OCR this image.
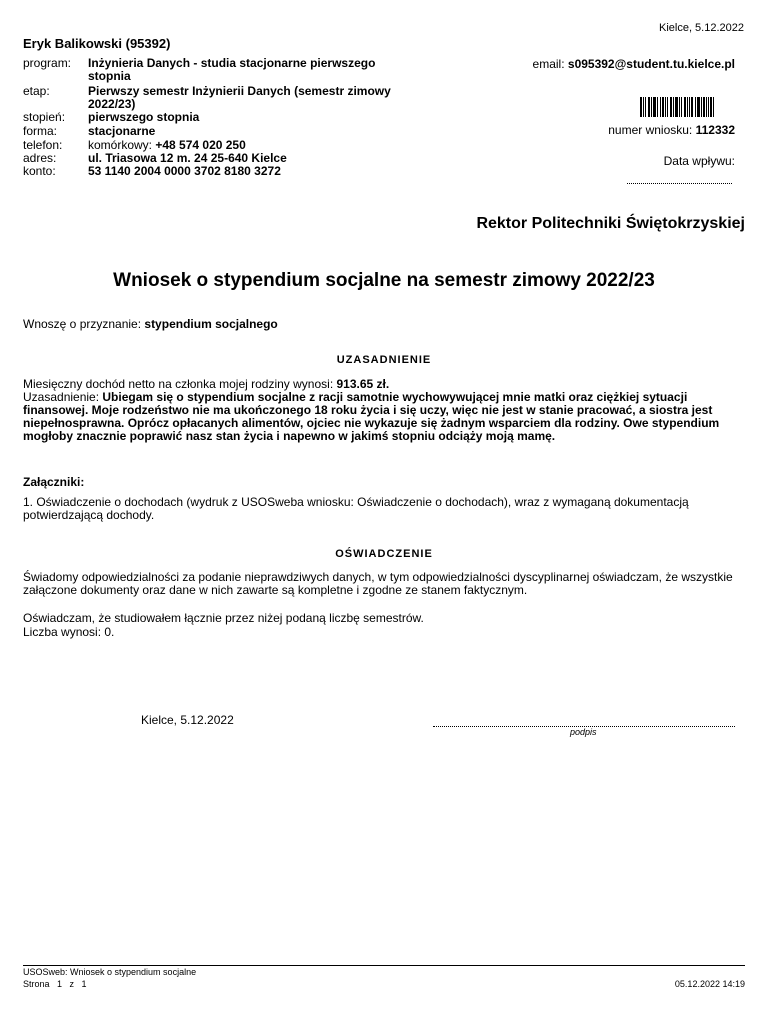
Kielce, 5.12.2022
Eryk Balikowski (95392)
program:	Inżynieria Danych - studia stacjonarne pierwszego stopnia
etap:	Pierwszy semestr Inżynierii Danych (semestr zimowy 2022/23)
stopień:	pierwszego stopnia
forma:	stacjonarne
telefon:	komórkowy: +48 574 020 250
adres:	ul. Triasowa 12 m. 24 25-640 Kielce
konto:	53 1140 2004 0000 3702 8180 3272
email: s095392@student.tu.kielce.pl
numer wniosku: 112332
Data wpływu:
Rektor Politechniki Świętokrzyskiej
Wniosek o stypendium socjalne na semestr zimowy 2022/23
Wnoszę o przyznanie: stypendium socjalnego
UZASADNIENIE
Miesięczny dochód netto na członka mojej rodziny wynosi: 913.65 zł.
Uzasadnienie: Ubiegam się o stypendium socjalne z racji samotnie wychowywującej mnie matki oraz ciężkiej sytuacji finansowej. Moje rodzeństwo nie ma ukończonego 18 roku życia i się uczy, więc nie jest w stanie pracować, a siostra jest niepełnosprawna. Oprócz opłacanych alimentów, ojciec nie wykazuje się żadnym wsparciem dla rodziny. Owe stypendium mogłoby znacznie poprawić nasz stan życia i napewno w jakimś stopniu odciąży moją mamę.
Załączniki:
1. Oświadczenie o dochodach (wydruk z USOSweba wniosku: Oświadczenie o dochodach), wraz z wymaganą dokumentacją potwierdzającą dochody.
OŚWIADCZENIE
Świadomy odpowiedzialności za podanie nieprawdziwych danych, w tym odpowiedzialności dyscyplinarnej oświadczam, że wszystkie załączone dokumenty oraz dane w nich zawarte są kompletne i zgodne ze stanem faktycznym.
Oświadczam, że studiowałem łącznie przez niżej podaną liczbę semestrów.
Liczba wynosi: 0.
Kielce, 5.12.2022
podpis
USOSweb: Wniosek o stypendium socjalne
Strona 1 z 1	05.12.2022 14:19
